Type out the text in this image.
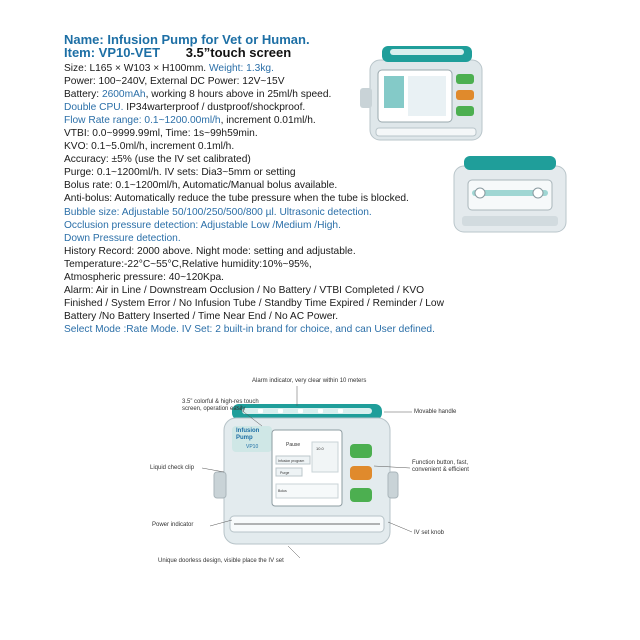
Name: Infusion Pump for Vet or Human.
Item: VP10-VET 3.5”touch screen
Size: L165 × W103 × H100mm. Weight: 1.3kg.
Power: 100~240V, External DC Power: 12V~15V
Battery: 2600mAh, working 8 hours above in 25ml/h speed.
Double CPU. IP34warterproof / dustproof/shockproof.
Flow Rate range: 0.1~1200.00ml/h, increment 0.01ml/h.
VTBI: 0.0~9999.99ml, Time: 1s~99h59min.
KVO: 0.1~5.0ml/h, increment 0.1ml/h.
Accuracy: ±5% (use the IV set calibrated)
Purge: 0.1~1200ml/h. IV sets: Dia3~5mm or setting
Bolus rate: 0.1~1200ml/h, Automatic/Manual bolus available.
Anti-bolus: Automatically reduce the tube pressure when the tube is blocked.
Bubble size: Adjustable 50/100/250/500/800 µl. Ultrasonic detection.
Occlusion pressure detection: Adjustable Low /Medium /High.
Down Pressure detection.
History Record: 2000 above. Night mode: setting and adjustable.
Temperature:-22°C~55°C,Relative humidity:10%~95%,
Atmospheric pressure: 40~120Kpa.
Alarm: Air in Line / Downstream Occlusion / No Battery / VTBI Completed / KVO
Finished / System Error / No Infusion Tube / Standby Time Expired / Reminder / Low
Battery /No Battery Inserted / Time Near End / No AC Power.
Select Mode :Rate Mode. IV Set: 2 built-in brand for choice, and can User defined.
Infusion
Pump
VP10	Pause
10.0
Infusion program
Purge
Bolus
Alarm indicator, very clear within 10 meters
3.5” colorful & high-res touch
screen, operation easily	Movable handle
Liquid check clip
Function button, fast,
convenient & efficient
Power indicator
IV set knob
Unique doorless design, visible place the IV set
